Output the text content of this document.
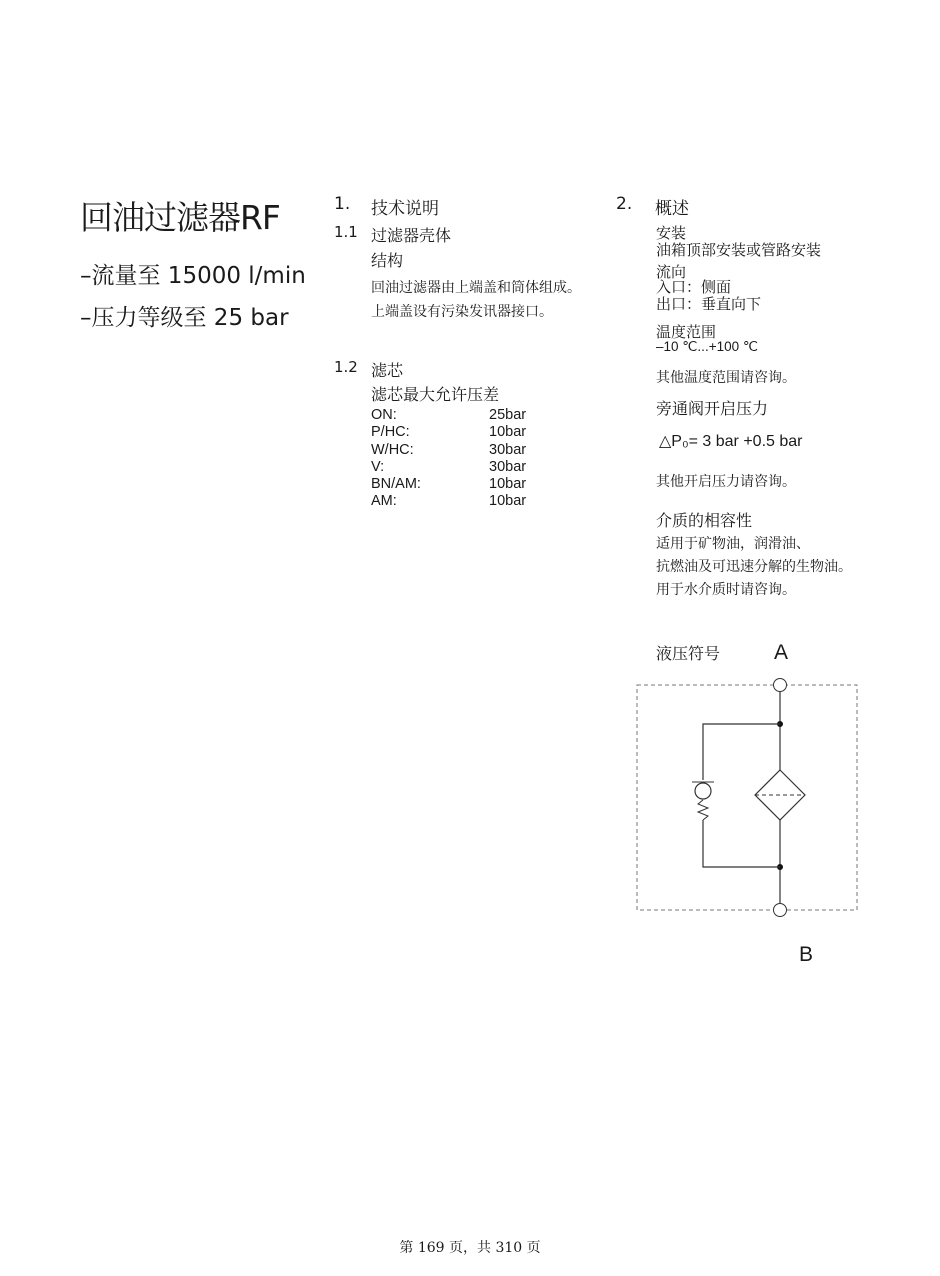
回油过滤器RF
–流量至 15000 l/min
–压力等级至 25 bar
1. 技术说明
1.1 过滤器壳体
结构
回油过滤器由上端盖和筒体组成。
上端盖设有污染发讯器接口。
1.2 滤芯
滤芯最大允许压差
ON:	25bar
P/HC:	10bar
W/HC:	30bar
V:	30bar
BN/AM:	10bar
AM:	10bar
2. 概述
安装
油箱顶部安装或管路安装
流向
入口：侧面
出口：垂直向下
温度范围
–10 ℃...+100 ℃
其他温度范围请咨询。
旁通阀开启压力
△P₀= 3 bar +0.5 bar
其他开启压力请咨询。
介质的相容性
适用于矿物油，润滑油、
抗燃油及可迅速分解的生物油。
用于水介质时请咨询。
液压符号	A
B
第 169 页，共 310 页
